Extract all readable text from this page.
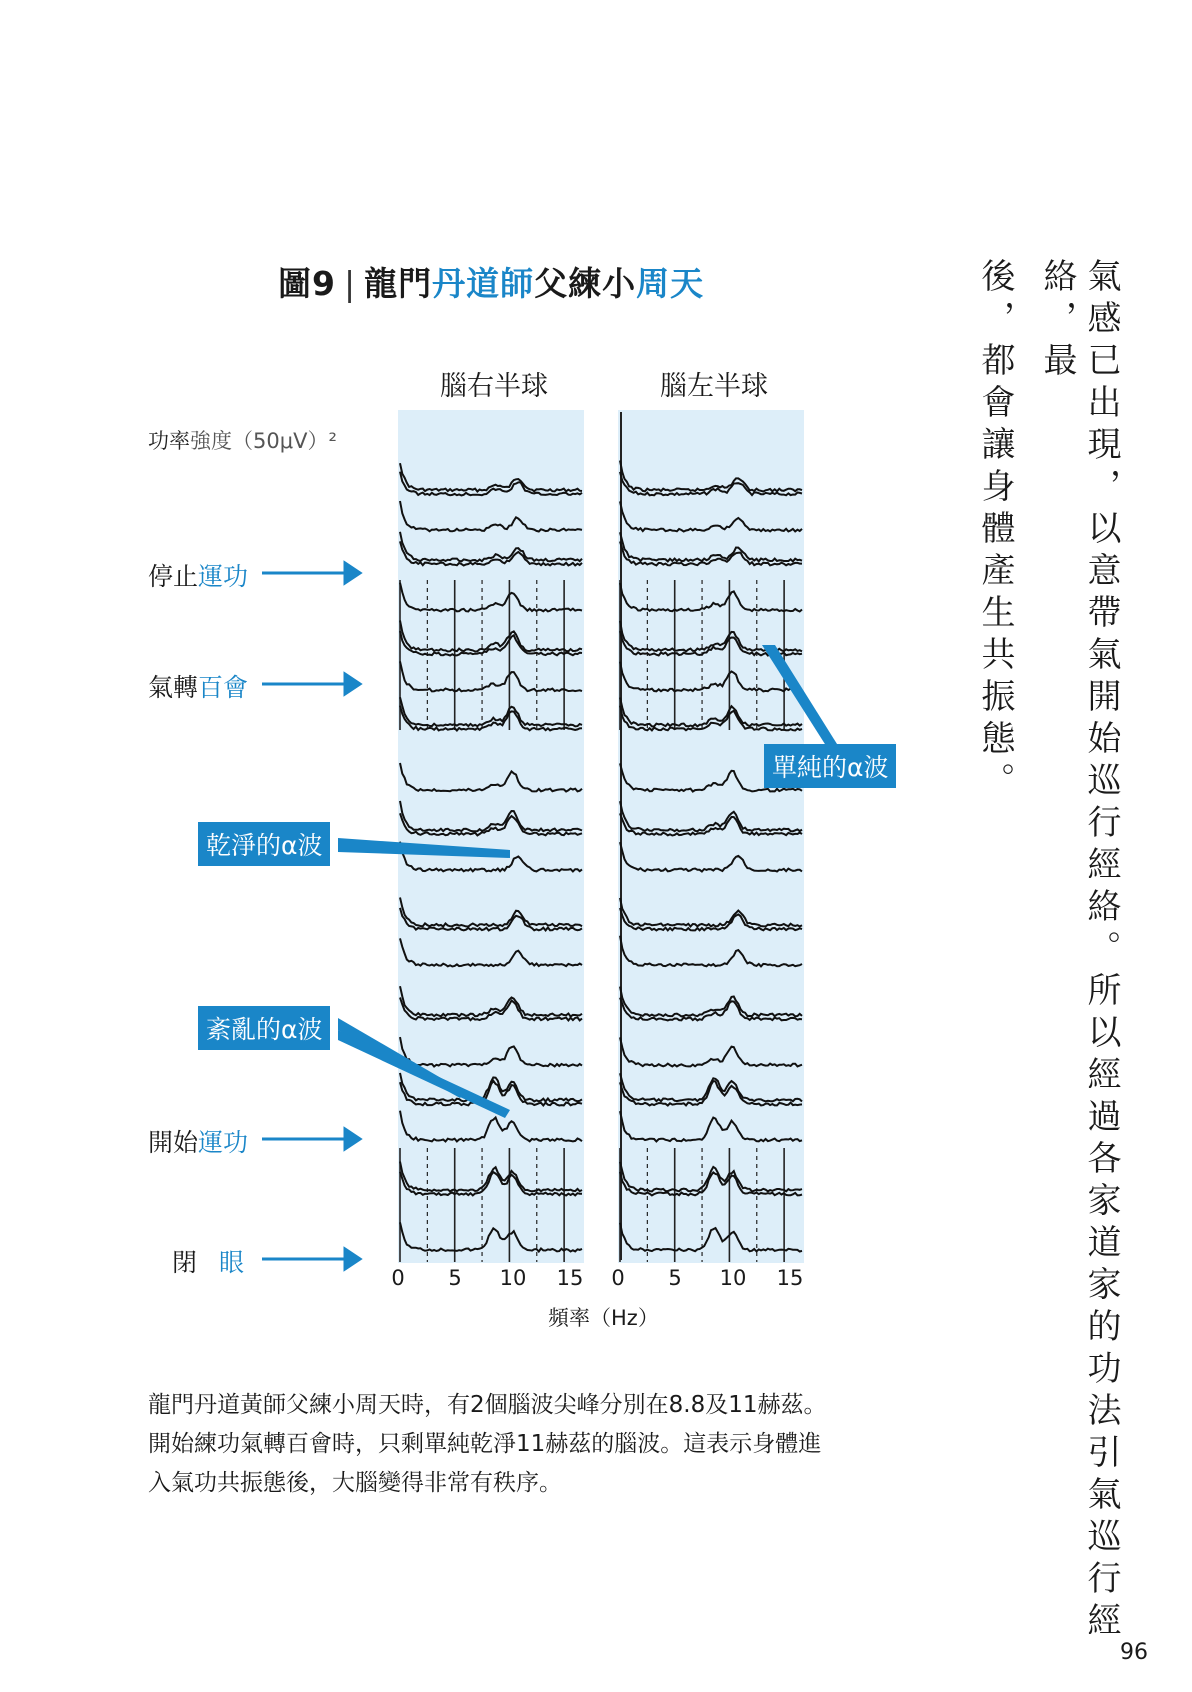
圖9 | 龍門丹道師父練小周天
腦右半球	腦左半球
功率強度（50μV）²
停止運功
氣轉百會
開始運功
閉 眼
單純的α波
乾淨的α波
紊亂的α波
0	5	10 15	0	5	10 15
頻率（Hz）

龍門丹道黃師父練小周天時，有2個腦波尖峰分別在8.8及11赫茲。

開始練功氣轉百會時，只剩單純乾淨11赫茲的腦波。這表示身體進

入氣功共振態後，大腦變得非常有秩序。	氣感已出現，以意帶氣開始巡行經絡。所以經過各家道家的功法引氣巡行經絡，最
後，都會讓身體產生共振態。
96
